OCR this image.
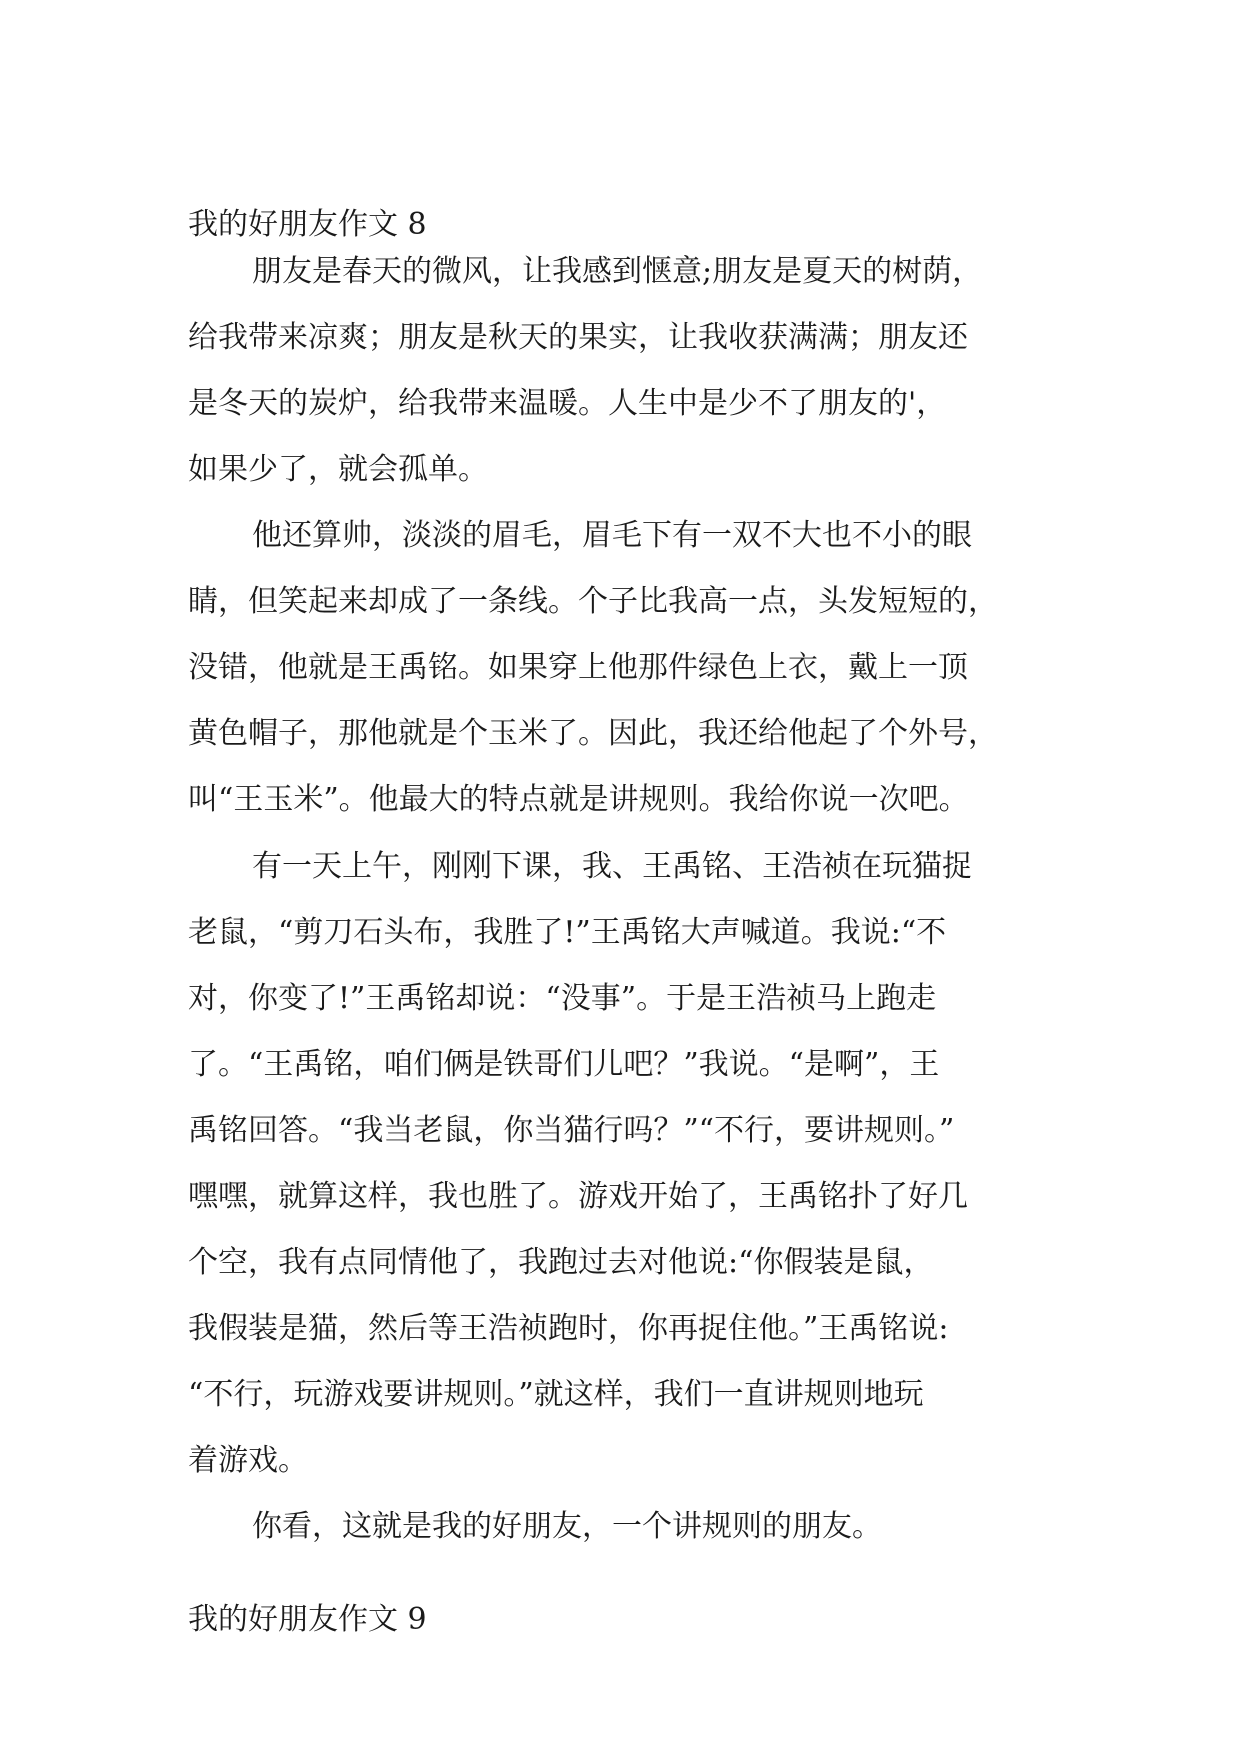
我的好朋友作文 8
朋友是春天的微风，让我感到惬意;朋友是夏天的树荫，
给我带来凉爽；朋友是秋天的果实，让我收获满满；朋友还
是冬天的炭炉，给我带来温暖。人生中是少不了朋友的'，
如果少了，就会孤单。
他还算帅，淡淡的眉毛，眉毛下有一双不大也不小的眼
睛，但笑起来却成了一条线。个子比我高一点，头发短短的，
没错，他就是王禹铭。如果穿上他那件绿色上衣，戴上一顶
黄色帽子，那他就是个玉米了。因此，我还给他起了个外号，
叫“王玉米”。他最大的特点就是讲规则。我给你说一次吧。
有一天上午，刚刚下课，我、王禹铭、王浩祯在玩猫捉
老鼠，“剪刀石头布，我胜了!”王禹铭大声喊道。我说:“不
对，你变了!”王禹铭却说：“没事”。于是王浩祯马上跑走
了。“王禹铭，咱们俩是铁哥们儿吧？”我说。“是啊”，王
禹铭回答。“我当老鼠，你当猫行吗？”“不行，要讲规则。”
嘿嘿，就算这样，我也胜了。游戏开始了，王禹铭扑了好几
个空，我有点同情他了，我跑过去对他说:“你假装是鼠，
我假装是猫，然后等王浩祯跑时，你再捉住他。”王禹铭说:
“不行，玩游戏要讲规则。”就这样，我们一直讲规则地玩
着游戏。
你看，这就是我的好朋友，一个讲规则的朋友。
我的好朋友作文 9
